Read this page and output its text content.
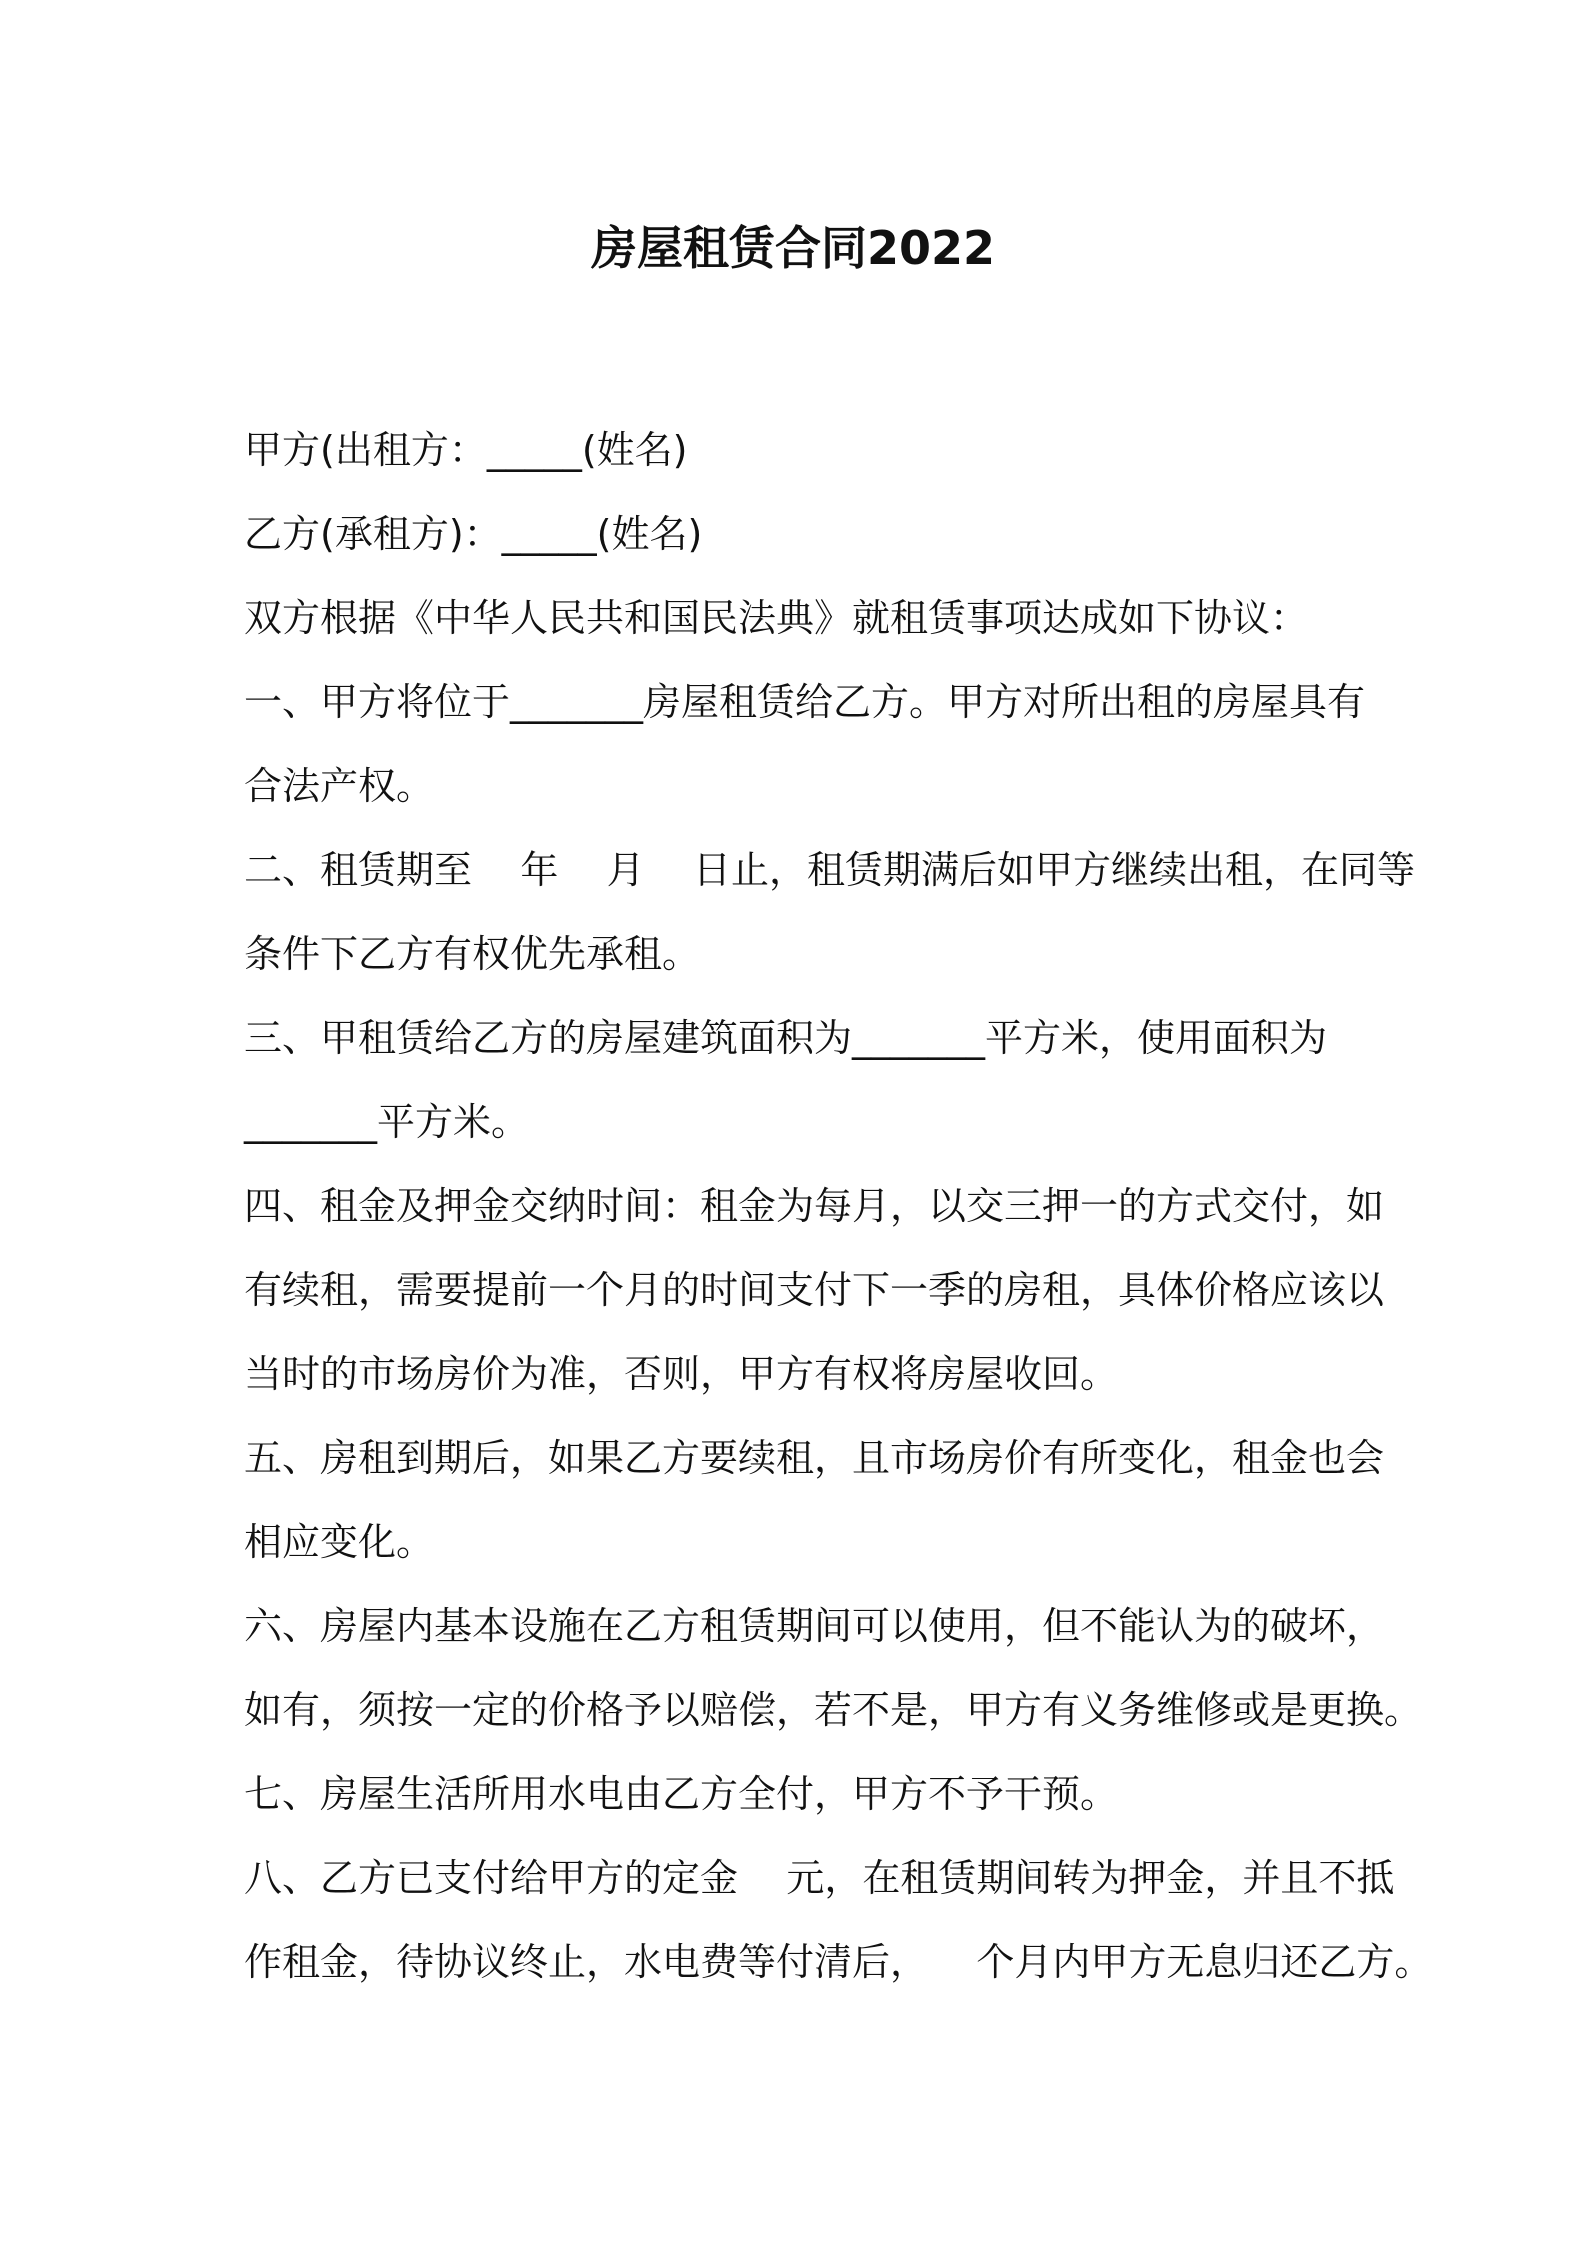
房屋租赁合同2022

甲方(出租方：_____(姓名)

乙方(承租方)：_____(姓名)

双方根据《中华人民共和国民法典》就租赁事项达成如下协议：

一、甲方将位于_______房屋租赁给乙方。甲方对所出租的房屋具有

合法产权。

二、租赁期至    年    月    日止，租赁期满后如甲方继续出租，在同等

条件下乙方有权优先承租。

三、甲租赁给乙方的房屋建筑面积为_______平方米，使用面积为

_______平方米。

四、租金及押金交纳时间：租金为每月，以交三押一的方式交付，如

有续租，需要提前一个月的时间支付下一季的房租，具体价格应该以

当时的市场房价为准，否则，甲方有权将房屋收回。

五、房租到期后，如果乙方要续租，且市场房价有所变化，租金也会

相应变化。

六、房屋内基本设施在乙方租赁期间可以使用，但不能认为的破坏，

如有，须按一定的价格予以赔偿，若不是，甲方有义务维修或是更换。

七、房屋生活所用水电由乙方全付，甲方不予干预。

八、乙方已支付给甲方的定金    元，在租赁期间转为押金，并且不抵

作租金，待协议终止，水电费等付清后，    个月内甲方无息归还乙方。
